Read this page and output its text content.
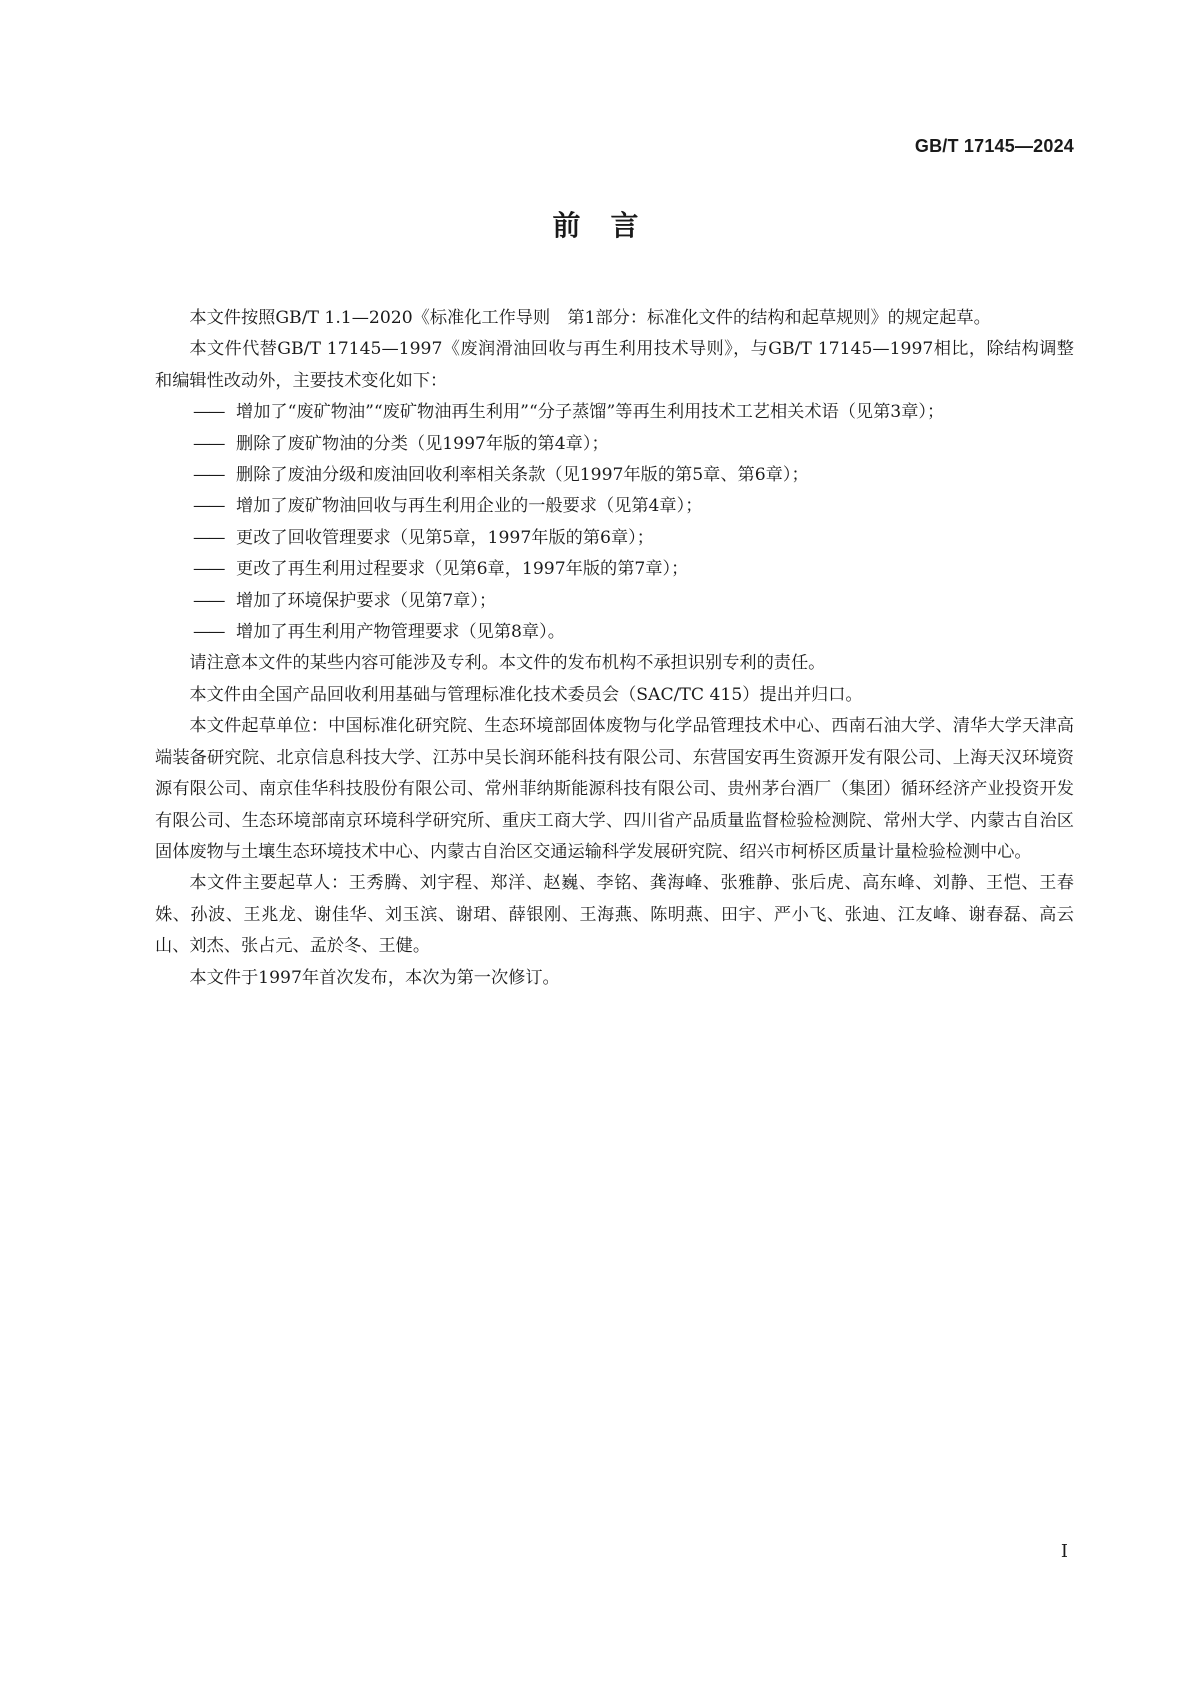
GB/T 17145—2024
前言

本文件按照GB/T 1.1—2020《标准化工作导则　第1部分：标准化文件的结构和起草规则》的规定起草。

本文件代替GB/T 17145—1997《废润滑油回收与再生利用技术导则》，与GB/T 17145—1997相比，除结构调整和编辑性改动外，主要技术变化如下：

—— 增加了“废矿物油”“废矿物油再生利用”“分子蒸馏”等再生利用技术工艺相关术语（见第3章）；
—— 删除了废矿物油的分类（见1997年版的第4章）；
—— 删除了废油分级和废油回收利率相关条款（见1997年版的第5章、第6章）；
—— 增加了废矿物油回收与再生利用企业的一般要求（见第4章）；
—— 更改了回收管理要求（见第5章，1997年版的第6章）；
—— 更改了再生利用过程要求（见第6章，1997年版的第7章）；
—— 增加了环境保护要求（见第7章）；
—— 增加了再生利用产物管理要求（见第8章）。

请注意本文件的某些内容可能涉及专利。本文件的发布机构不承担识别专利的责任。

本文件由全国产品回收利用基础与管理标准化技术委员会（SAC/TC 415）提出并归口。

本文件起草单位：中国标准化研究院、生态环境部固体废物与化学品管理技术中心、西南石油大学、清华大学天津高端装备研究院、北京信息科技大学、江苏中吴长润环能科技有限公司、东营国安再生资源开发有限公司、上海天汉环境资源有限公司、南京佳华科技股份有限公司、常州菲纳斯能源科技有限公司、贵州茅台酒厂（集团）循环经济产业投资开发有限公司、生态环境部南京环境科学研究所、重庆工商大学、四川省产品质量监督检验检测院、常州大学、内蒙古自治区固体废物与土壤生态环境技术中心、内蒙古自治区交通运输科学发展研究院、绍兴市柯桥区质量计量检验检测中心。

本文件主要起草人：王秀腾、刘宇程、郑洋、赵巍、李铭、龚海峰、张雅静、张后虎、高东峰、刘静、王恺、王春姝、孙波、王兆龙、谢佳华、刘玉滨、谢珺、薛银刚、王海燕、陈明燕、田宇、严小飞、张迪、江友峰、谢春磊、高云山、刘杰、张占元、孟於冬、王健。

本文件于1997年首次发布，本次为第一次修订。

I
